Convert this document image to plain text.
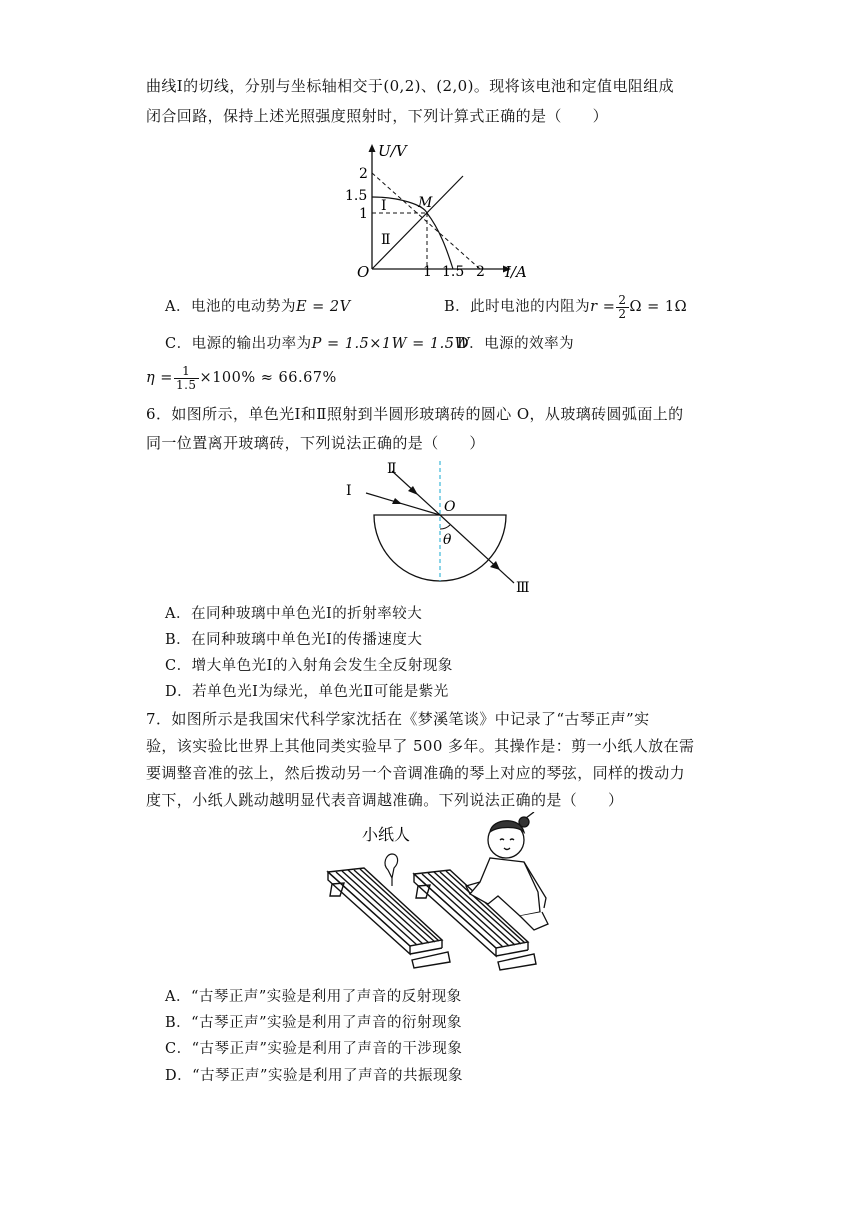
曲线Ⅰ的切线，分别与坐标轴相交于(0,2)、(2,0)。现将该电池和定值电阻组成
闭合回路，保持上述光照强度照射时，下列计算式正确的是（　　）
U/V
I/A
O
2
1.5
1
1 1.5 2
Ⅰ
Ⅱ
M
A．电池的电动势为E = 2V	B．此时电池的内阻为$r = \frac{2}{2}$ Ω = 1Ω
C．电源的输出功率为P = 1.5×1W = 1.5W
D．电源的效率为
$\eta = \frac{1}{1.5} \times 100\% \approx 66.67\%$
6．如图所示，单色光Ⅰ和Ⅱ照射到半圆形玻璃砖的圆心 O，从玻璃砖圆弧面上的
同一位置离开玻璃砖，下列说法正确的是（　　）
Ⅰ
Ⅱ
Ⅲ
O
θ
A．在同种玻璃中单色光Ⅰ的折射率较大
B．在同种玻璃中单色光Ⅰ的传播速度大
C．增大单色光Ⅰ的入射角会发生全反射现象
D．若单色光Ⅰ为绿光，单色光Ⅱ可能是紫光
7．如图所示是我国宋代科学家沈括在《梦溪笔谈》中记录了“古琴正声”实
验，该实验比世界上其他同类实验早了 500 多年。其操作是：剪一小纸人放在需
要调整音准的弦上，然后拨动另一个音调准确的琴上对应的琴弦，同样的拨动力
度下，小纸人跳动越明显代表音调越准确。下列说法正确的是（　　）
小纸人
A．“古琴正声”实验是利用了声音的反射现象
B．“古琴正声”实验是利用了声音的衍射现象
C．“古琴正声”实验是利用了声音的干涉现象
D．“古琴正声”实验是利用了声音的共振现象
